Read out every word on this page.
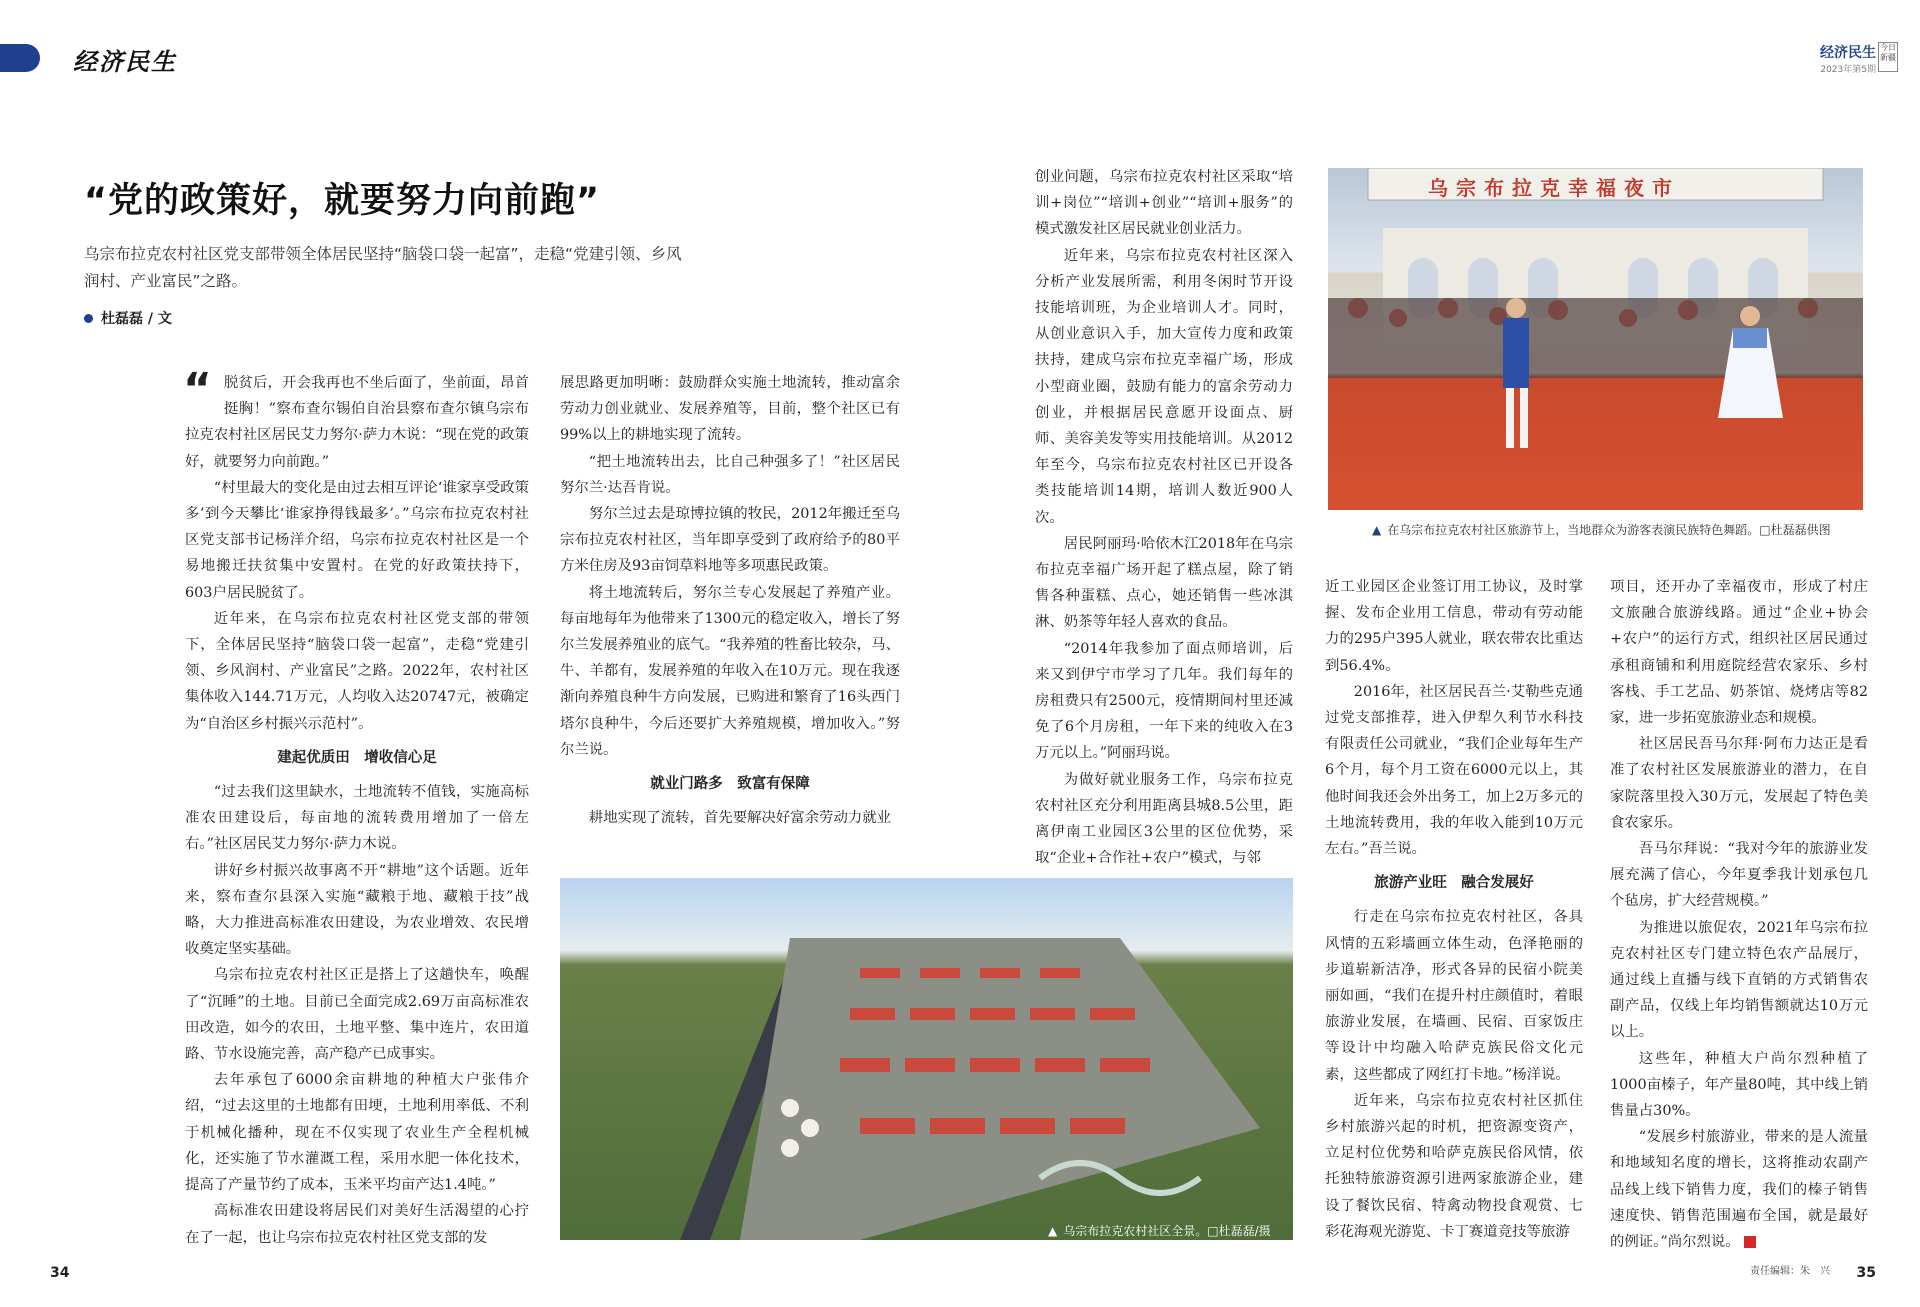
经济民生	经济民生
2023年第5期
今日新疆
“党的政策好，就要努力向前跑”
乌宗布拉克农村社区党支部带领全体居民坚持“脑袋口袋一起富”，走稳“党建引领、乡风润村、产业富民”之路。
杜磊磊 / 文
“ 脱贫后，开会我再也不坐后面了，坐前面，昂首挺胸！”察布查尔锡伯自治县察布查尔镇乌宗布拉克农村社区居民艾力努尔·萨力木说：“现在党的政策好，就要努力向前跑。”

“村里最大的变化是由过去相互评论‘谁家享受政策多’到今天攀比‘谁家挣得钱最多’。”乌宗布拉克农村社区党支部书记杨洋介绍，乌宗布拉克农村社区是一个易地搬迁扶贫集中安置村。在党的好政策扶持下，603户居民脱贫了。

近年来，在乌宗布拉克农村社区党支部的带领下，全体居民坚持“脑袋口袋一起富”，走稳“党建引领、乡风润村、产业富民”之路。2022年，农村社区集体收入144.71万元，人均收入达20747元，被确定为“自治区乡村振兴示范村”。

建起优质田　增收信心足

“过去我们这里缺水，土地流转不值钱，实施高标准农田建设后，每亩地的流转费用增加了一倍左右。”社区居民艾力努尔·萨力木说。

讲好乡村振兴故事离不开“耕地”这个话题。近年来，察布查尔县深入实施“藏粮于地、藏粮于技”战略，大力推进高标准农田建设，为农业增效、农民增收奠定坚实基础。

乌宗布拉克农村社区正是搭上了这趟快车，唤醒了“沉睡”的土地。目前已全面完成2.69万亩高标准农田改造，如今的农田，土地平整、集中连片，农田道路、节水设施完善，高产稳产已成事实。

去年承包了6000余亩耕地的种植大户张伟介绍，“过去这里的土地都有田埂，土地利用率低、不利于机械化播种，现在不仅实现了农业生产全程机械化，还实施了节水灌溉工程，采用水肥一体化技术，提高了产量节约了成本，玉米平均亩产达1.4吨。”

高标准农田建设将居民们对美好生活渴望的心拧在了一起，也让乌宗布拉克农村社区党支部的发

展思路更加明晰：鼓励群众实施土地流转，推动富余劳动力创业就业、发展养殖等，目前，整个社区已有99%以上的耕地实现了流转。

“把土地流转出去，比自己种强多了！”社区居民努尔兰·达吾肯说。

努尔兰过去是琼博拉镇的牧民，2012年搬迁至乌宗布拉克农村社区，当年即享受到了政府给予的80平方米住房及93亩饲草料地等多项惠民政策。

将土地流转后，努尔兰专心发展起了养殖产业。每亩地每年为他带来了1300元的稳定收入，增长了努尔兰发展养殖业的底气。“我养殖的牲畜比较杂，马、牛、羊都有，发展养殖的年收入在10万元。现在我逐渐向养殖良种牛方向发展，已购进和繁育了16头西门塔尔良种牛，今后还要扩大养殖规模，增加收入。”努尔兰说。

就业门路多　致富有保障

耕地实现了流转，首先要解决好富余劳动力就业

创业问题，乌宗布拉克农村社区采取“培训+岗位”“培训+创业”“培训+服务”的模式激发社区居民就业创业活力。

近年来，乌宗布拉克农村社区深入分析产业发展所需，利用冬闲时节开设技能培训班，为企业培训人才。同时，从创业意识入手，加大宣传力度和政策扶持，建成乌宗布拉克幸福广场，形成小型商业圈，鼓励有能力的富余劳动力创业，并根据居民意愿开设面点、厨师、美容美发等实用技能培训。从2012年至今，乌宗布拉克农村社区已开设各类技能培训14期，培训人数近900人次。

居民阿丽玛·哈依木江2018年在乌宗布拉克幸福广场开起了糕点屋，除了销售各种蛋糕、点心，她还销售一些冰淇淋、奶茶等年轻人喜欢的食品。

“2014年我参加了面点师培训，后来又到伊宁市学习了几年。我们每年的房租费只有2500元，疫情期间村里还减免了6个月房租，一年下来的纯收入在3万元以上。”阿丽玛说。

为做好就业服务工作，乌宗布拉克农村社区充分利用距离县城8.5公里，距离伊南工业园区3公里的区位优势，采取“企业+合作社+农户”模式，与邻

近工业园区企业签订用工协议，及时掌握、发布企业用工信息，带动有劳动能力的295户395人就业，联农带农比重达到56.4%。

2016年，社区居民吾兰·艾勒些克通过党支部推荐，进入伊犁久利节水科技有限责任公司就业，“我们企业每年生产6个月，每个月工资在6000元以上，其他时间我还会外出务工，加上2万多元的土地流转费用，我的年收入能到10万元左右。”吾兰说。

旅游产业旺　融合发展好

行走在乌宗布拉克农村社区，各具风情的五彩墙画立体生动，色泽艳丽的步道崭新洁净，形式各异的民宿小院美丽如画，“我们在提升村庄颜值时，着眼旅游业发展，在墙画、民宿、百家饭庄等设计中均融入哈萨克族民俗文化元素，这些都成了网红打卡地。”杨洋说。

近年来，乌宗布拉克农村社区抓住乡村旅游兴起的时机，把资源变资产，立足村位优势和哈萨克族民俗风情，依托独特旅游资源引进两家旅游企业，建设了餐饮民宿、特禽动物投食观赏、七彩花海观光游览、卡丁赛道竞技等旅游

项目，还开办了幸福夜市，形成了村庄文旅融合旅游线路。通过“企业+协会+农户”的运行方式，组织社区居民通过承租商铺和利用庭院经营农家乐、乡村客栈、手工艺品、奶茶馆、烧烤店等82家，进一步拓宽旅游业态和规模。

社区居民吾马尔拜·阿布力达正是看准了农村社区发展旅游业的潜力，在自家院落里投入30万元，发展起了特色美食农家乐。

吾马尔拜说：“我对今年的旅游业发展充满了信心，今年夏季我计划承包几个毡房，扩大经营规模。”

为推进以旅促农，2021年乌宗布拉克农村社区专门建立特色农产品展厅，通过线上直播与线下直销的方式销售农副产品，仅线上年均销售额就达10万元以上。

这些年，种植大户尚尔烈种植了1000亩榛子，年产量80吨，其中线上销售量占30%。

“发展乡村旅游业，带来的是人流量和地域知名度的增长，这将推动农副产品线上线下销售力度，我们的榛子销售速度快、销售范围遍布全国，就是最好的例证。”尚尔烈说。

乌宗布拉克幸福夜市
▲ 在乌宗布拉克农村社区旅游节上，当地群众为游客表演民族特色舞蹈。□杜磊磊供图
▲ 乌宗布拉克农村社区全景。□杜磊磊/摄
34	35
责任编辑：朱　兴
